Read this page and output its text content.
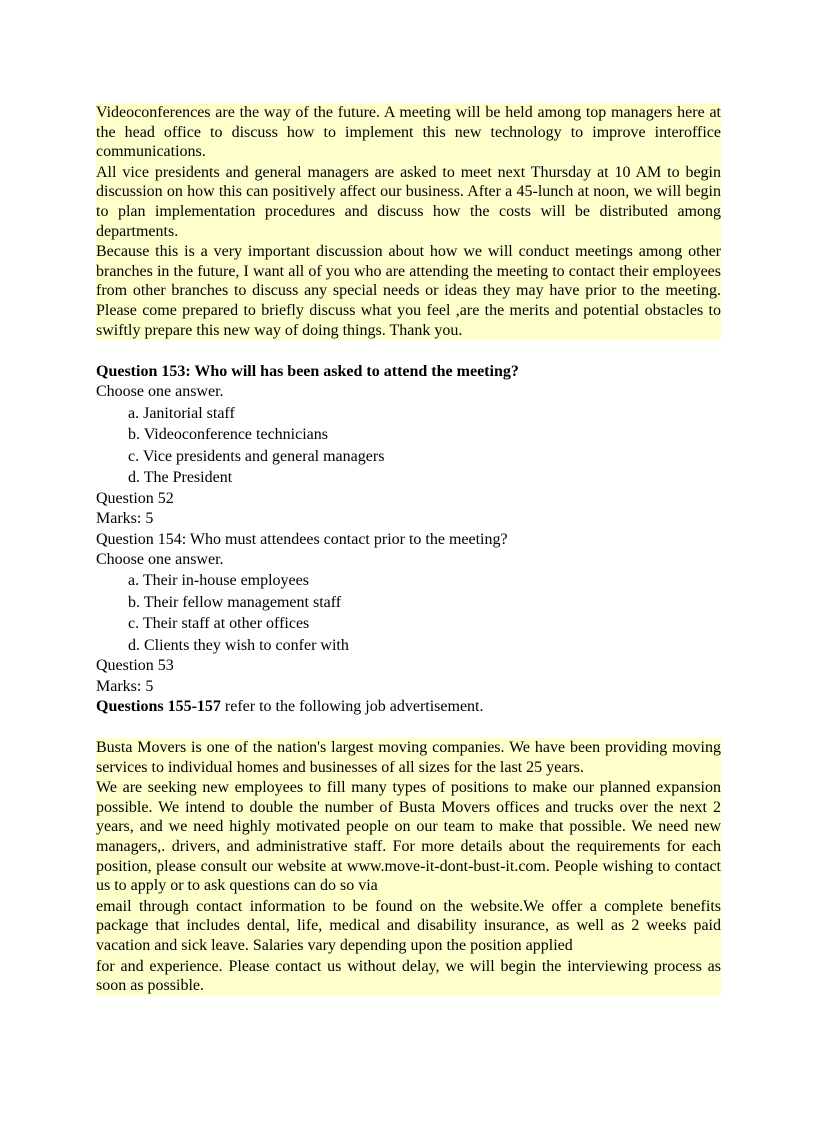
Videoconferences are the way of the future. A meeting will be held among top managers here at the head office to discuss how to implement this new technology to improve interoffice communications.

All vice presidents and general managers are asked to meet next Thursday at 10 AM to begin discussion on how this can positively affect our business. After a 45-lunch at noon, we will begin to plan implementation procedures and discuss how the costs will be distributed among departments.

Because this is a very important discussion about how we will conduct meetings among other branches in the future, I want all of you who are attending the meeting to contact their employees from other branches to discuss any special needs or ideas they may have prior to the meeting. Please come prepared to briefly discuss what you feel ,are the merits and potential obstacles to swiftly prepare this new way of doing things. Thank you.

Question 153: Who will has been asked to attend the meeting?
Choose one answer.
a. Janitorial staff
b. Videoconference technicians
c. Vice presidents and general managers
d. The President
Question 52
Marks: 5
Question 154: Who must attendees contact prior to the meeting?
Choose one answer.
a. Their in-house employees
b. Their fellow management staff
c. Their staff at other offices
d. Clients they wish to confer with
Question 53
Marks: 5
Questions 155-157 refer to the following job advertisement.

Busta Movers is one of the nation's largest moving companies. We have been providing moving services to individual homes and businesses of all sizes for the last 25 years.

We are seeking new employees to fill many types of positions to make our planned expansion possible. We intend to double the number of Busta Movers offices and trucks over the next 2 years, and we need highly motivated people on our team to make that possible. We need new managers,. drivers, and administrative staff. For more details about the requirements for each position, please consult our website at www.move-it-dont-bust-it.com. People wishing to contact us to apply or to ask questions can do so via

email through contact information to be found on the website.We offer a complete benefits package that includes dental, life, medical and disability insurance, as well as 2 weeks paid vacation and sick leave. Salaries vary depending upon the position applied

for and experience. Please contact us without delay, we will begin the interviewing process as soon as possible.
